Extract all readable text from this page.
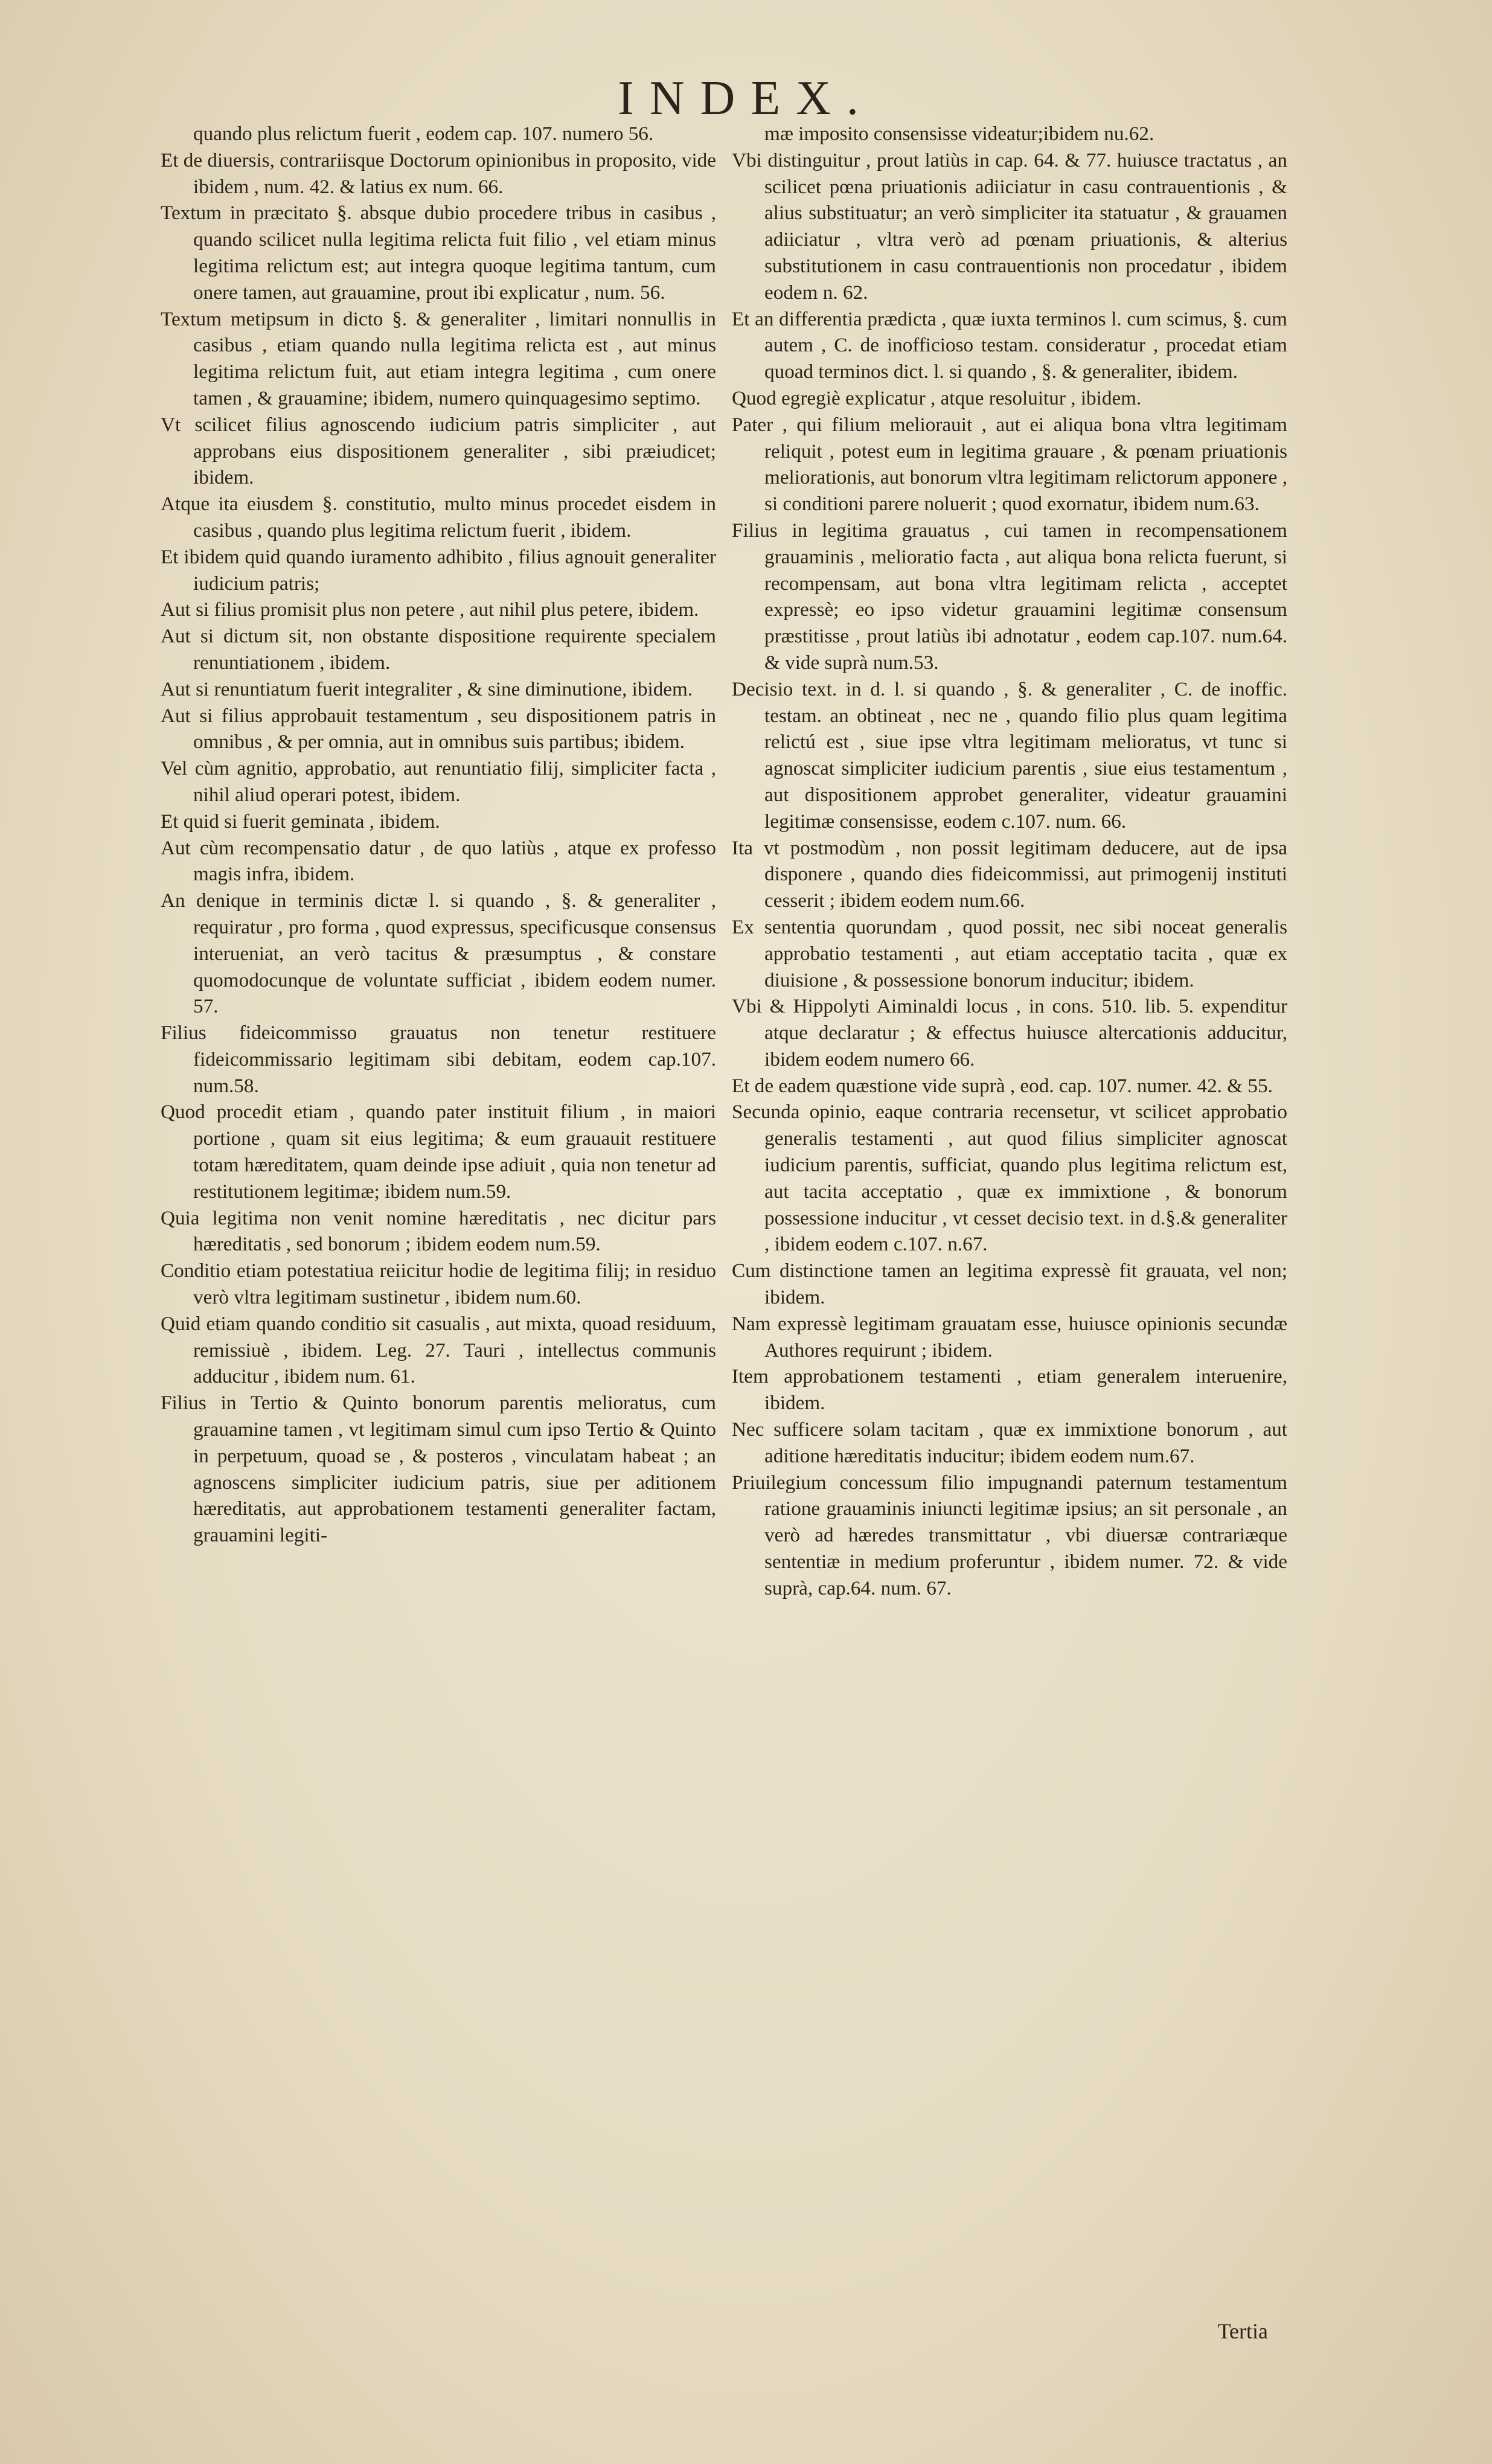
INDEX.

quando plus relictum fuerit , eodem cap. 107. numero 56.

Et de diuersis, contrariisque Doctorum opinionibus in proposito, vide ibidem , num. 42. & latius ex num. 66.

Textum in præcitato §. absque dubio procedere tribus in casibus , quando scilicet nulla legitima relicta fuit filio , vel etiam minus legitima relictum est; aut integra quoque legitima tantum, cum onere tamen, aut grauamine, prout ibi explicatur , num. 56.

Textum metipsum in dicto §. & generaliter , limitari nonnullis in casibus , etiam quando nulla legitima relicta est , aut minus legitima relictum fuit, aut etiam integra legitima , cum onere tamen , & grauamine; ibidem, numero quinquagesimo septimo.

Vt scilicet filius agnoscendo iudicium patris simpliciter , aut approbans eius dispositionem generaliter , sibi præiudicet; ibidem.

Atque ita eiusdem §. constitutio, multo minus procedet eisdem in casibus , quando plus legitima relictum fuerit , ibidem.

Et ibidem quid quando iuramento adhibito , filius agnouit generaliter iudicium patris;

Aut si filius promisit plus non petere , aut nihil plus petere, ibidem.

Aut si dictum sit, non obstante dispositione requirente specialem renuntiationem , ibidem.

Aut si renuntiatum fuerit integraliter , & sine diminutione, ibidem.

Aut si filius approbauit testamentum , seu dispositionem patris in omnibus , & per omnia, aut in omnibus suis partibus; ibidem.

Vel cùm agnitio, approbatio, aut renuntiatio filij, simpliciter facta , nihil aliud operari potest, ibidem.

Et quid si fuerit geminata , ibidem.

Aut cùm recompensatio datur , de quo latiùs , atque ex professo magis infra, ibidem.

An denique in terminis dictæ l. si quando , §. & generaliter , requiratur , pro forma , quod expressus, specificusque consensus interueniat, an verò tacitus & præsumptus , & constare quomodocunque de voluntate sufficiat , ibidem eodem numer. 57.

Filius fideicommisso grauatus non tenetur restituere fideicommissario legitimam sibi debitam, eodem cap.107. num.58.

Quod procedit etiam , quando pater instituit filium , in maiori portione , quam sit eius legitima; & eum grauauit restituere totam hæreditatem, quam deinde ipse adiuit , quia non tenetur ad restitutionem legitimæ; ibidem num.59.

Quia legitima non venit nomine hæreditatis , nec dicitur pars hæreditatis , sed bonorum ; ibidem eodem num.59.

Conditio etiam potestatiua reiicitur hodie de legitima filij; in residuo verò vltra legitimam sustinetur , ibidem num.60.

Quid etiam quando conditio sit casualis , aut mixta, quoad residuum, remissiuè , ibidem. Leg. 27. Tauri , intellectus communis adducitur , ibidem num. 61.

Filius in Tertio & Quinto bonorum parentis melioratus, cum grauamine tamen , vt legitimam simul cum ipso Tertio & Quinto in perpetuum, quoad se , & posteros , vinculatam habeat ; an agnoscens simpliciter iudicium patris, siue per aditionem hæreditatis, aut approbationem testamenti generaliter factam, grauamini legiti-

mæ imposito consensisse videatur;ibidem nu.62.

Vbi distinguitur , prout latiùs in cap. 64. & 77. huiusce tractatus , an scilicet pœna priuationis adiiciatur in casu contrauentionis , & alius substituatur; an verò simpliciter ita statuatur , & grauamen adiiciatur , vltra verò ad pœnam priuationis, & alterius substitutionem in casu contrauentionis non procedatur , ibidem eodem n. 62.

Et an differentia prædicta , quæ iuxta terminos l. cum scimus, §. cum autem , C. de inofficioso testam. consideratur , procedat etiam quoad terminos dict. l. si quando , §. & generaliter, ibidem.

Quod egregiè explicatur , atque resoluitur , ibidem.

Pater , qui filium meliorauit , aut ei aliqua bona vltra legitimam reliquit , potest eum in legitima grauare , & pœnam priuationis meliorationis, aut bonorum vltra legitimam relictorum apponere , si conditioni parere noluerit ; quod exornatur, ibidem num.63.

Filius in legitima grauatus , cui tamen in recompensationem grauaminis , melioratio facta , aut aliqua bona relicta fuerunt, si recompensam, aut bona vltra legitimam relicta , acceptet expressè; eo ipso videtur grauamini legitimæ consensum præstitisse , prout latiùs ibi adnotatur , eodem cap.107. num.64. & vide suprà num.53.

Decisio text. in d. l. si quando , §. & generaliter , C. de inoffic. testam. an obtineat , nec ne , quando filio plus quam legitima relictú est , siue ipse vltra legitimam melioratus, vt tunc si agnoscat simpliciter iudicium parentis , siue eius testamentum , aut dispositionem approbet generaliter, videatur grauamini legitimæ consensisse, eodem c.107. num. 66.

Ita vt postmodùm , non possit legitimam deducere, aut de ipsa disponere , quando dies fideicommissi, aut primogenij instituti cesserit ; ibidem eodem num.66.

Ex sententia quorundam , quod possit, nec sibi noceat generalis approbatio testamenti , aut etiam acceptatio tacita , quæ ex diuisione , & possessione bonorum inducitur; ibidem.

Vbi & Hippolyti Aiminaldi locus , in cons. 510. lib. 5. expenditur atque declaratur ; & effectus huiusce altercationis adducitur, ibidem eodem numero 66.

Et de eadem quæstione vide suprà , eod. cap. 107. numer. 42. & 55.

Secunda opinio, eaque contraria recensetur, vt scilicet approbatio generalis testamenti , aut quod filius simpliciter agnoscat iudicium parentis, sufficiat, quando plus legitima relictum est, aut tacita acceptatio , quæ ex immixtione , & bonorum possessione inducitur , vt cesset decisio text. in d.§.& generaliter , ibidem eodem c.107. n.67.

Cum distinctione tamen an legitima expressè fit grauata, vel non; ibidem.

Nam expressè legitimam grauatam esse, huiusce opinionis secundæ Authores requirunt ; ibidem.

Item approbationem testamenti , etiam generalem interuenire, ibidem.

Nec sufficere solam tacitam , quæ ex immixtione bonorum , aut aditione hæreditatis inducitur; ibidem eodem num.67.

Priuilegium concessum filio impugnandi paternum testamentum ratione grauaminis iniuncti legitimæ ipsius; an sit personale , an verò ad hæredes transmittatur , vbi diuersæ contrariæque sententiæ in medium proferuntur , ibidem numer. 72. & vide suprà, cap.64. num. 67.

Tertia
